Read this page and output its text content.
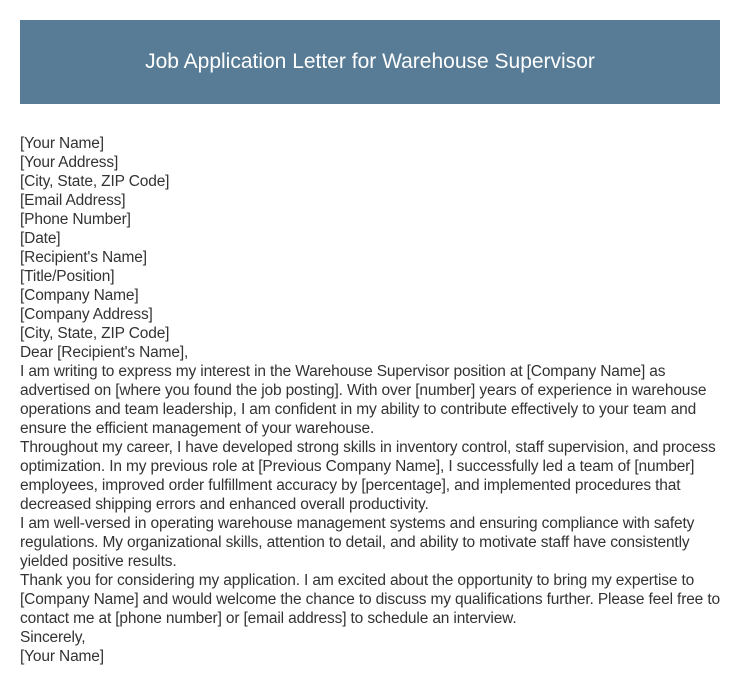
Job Application Letter for Warehouse Supervisor

[Your Name]

[Your Address]

[City, State, ZIP Code]

[Email Address]

[Phone Number]

[Date]

[Recipient's Name]

[Title/Position]

[Company Name]

[Company Address]

[City, State, ZIP Code]

Dear [Recipient's Name],

I am writing to express my interest in the Warehouse Supervisor position at [Company Name] as advertised on [where you found the job posting]. With over [number] years of experience in warehouse operations and team leadership, I am confident in my ability to contribute effectively to your team and ensure the efficient management of your warehouse.

Throughout my career, I have developed strong skills in inventory control, staff supervision, and process optimization. In my previous role at [Previous Company Name], I successfully led a team of [number] employees, improved order fulfillment accuracy by [percentage], and implemented procedures that decreased shipping errors and enhanced overall productivity.

I am well-versed in operating warehouse management systems and ensuring compliance with safety regulations. My organizational skills, attention to detail, and ability to motivate staff have consistently yielded positive results.

Thank you for considering my application. I am excited about the opportunity to bring my expertise to [Company Name] and would welcome the chance to discuss my qualifications further. Please feel free to contact me at [phone number] or [email address] to schedule an interview.

Sincerely,

[Your Name]
